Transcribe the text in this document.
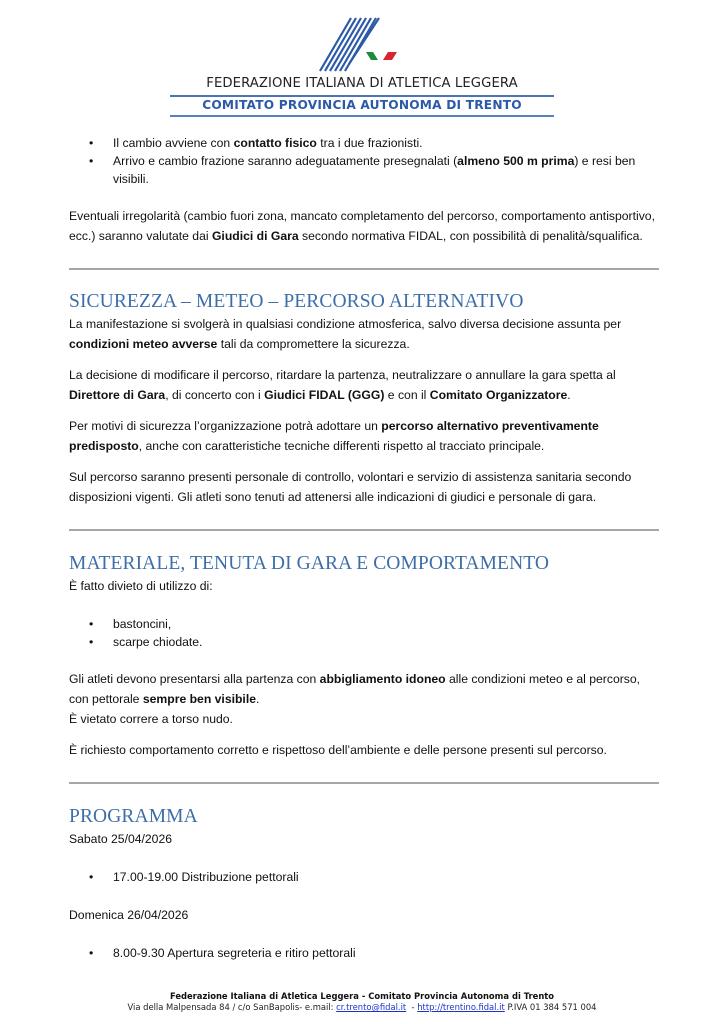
FEDERAZIONE ITALIANA DI ATLETICA LEGGERA
COMITATO PROVINCIA AUTONOMA DI TRENTO
• Il cambio avviene con contatto fisico tra i due frazionisti.
• Arrivo e cambio frazione saranno adeguatamente presegnalati (almeno 500 m prima) e resi ben visibili.

Eventuali irregolarità (cambio fuori zona, mancato completamento del percorso, comportamento antisportivo, ecc.) saranno valutate dai Giudici di Gara secondo normativa FIDAL, con possibilità di penalità/squalifica.

SICUREZZA – METEO – PERCORSO ALTERNATIVO

La manifestazione si svolgerà in qualsiasi condizione atmosferica, salvo diversa decisione assunta per condizioni meteo avverse tali da compromettere la sicurezza.

La decisione di modificare il percorso, ritardare la partenza, neutralizzare o annullare la gara spetta al Direttore di Gara, di concerto con i Giudici FIDAL (GGG) e con il Comitato Organizzatore.

Per motivi di sicurezza l’organizzazione potrà adottare un percorso alternativo preventivamente predisposto, anche con caratteristiche tecniche differenti rispetto al tracciato principale.

Sul percorso saranno presenti personale di controllo, volontari e servizio di assistenza sanitaria secondo disposizioni vigenti. Gli atleti sono tenuti ad attenersi alle indicazioni di giudici e personale di gara.

MATERIALE, TENUTA DI GARA E COMPORTAMENTO

È fatto divieto di utilizzo di:

• bastoncini,
• scarpe chiodate.

Gli atleti devono presentarsi alla partenza con abbigliamento idoneo alle condizioni meteo e al percorso, con pettorale sempre ben visibile.

È vietato correre a torso nudo.

È richiesto comportamento corretto e rispettoso dell’ambiente e delle persone presenti sul percorso.

PROGRAMMA

Sabato 25/04/2026

• 17.00-19.00 Distribuzione pettorali

Domenica 26/04/2026

• 8.00-9.30 Apertura segreteria e ritiro pettorali
Federazione Italiana di Atletica Leggera - Comitato Provincia Autonoma di Trento
Via della Malpensada 84 / c/o SanBapolis- e.mail: cr.trento@fidal.it  - http://trentino.fidal.it P.IVA 01 384 571 004
